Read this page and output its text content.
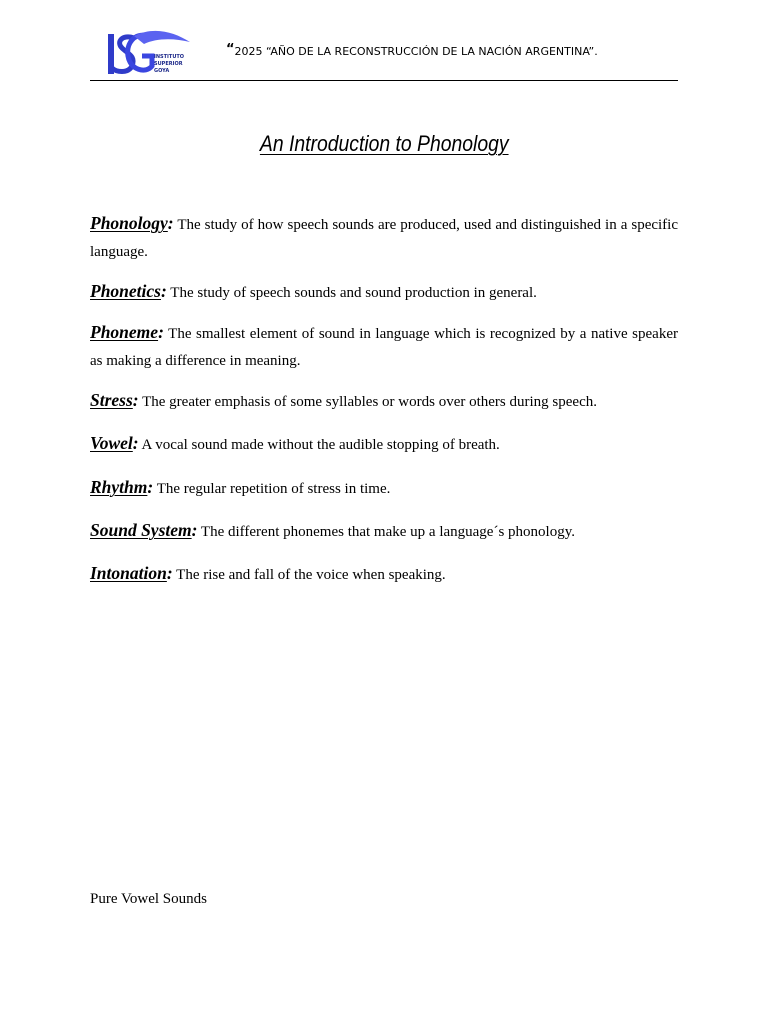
INSTITUTO
SUPERIOR
GOYA
“2025 “AÑO DE LA RECONSTRUCCIÓN DE LA NACIÓN ARGENTINA”.
An Introduction to Phonology

Phonology: The study of how speech sounds are produced, used and distinguished in a specific language.

Phonetics: The study of speech sounds and sound production in general.

Phoneme: The smallest element of sound in language which is recognized by a native speaker as making a difference in meaning.

Stress: The greater emphasis of some syllables or words over others during speech.

Vowel: A vocal sound made without the audible stopping of breath.

Rhythm: The regular repetition of stress in time.

Sound System: The different phonemes that make up a language´s phonology.

Intonation: The rise and fall of the voice when speaking.

Pure Vowel Sounds
